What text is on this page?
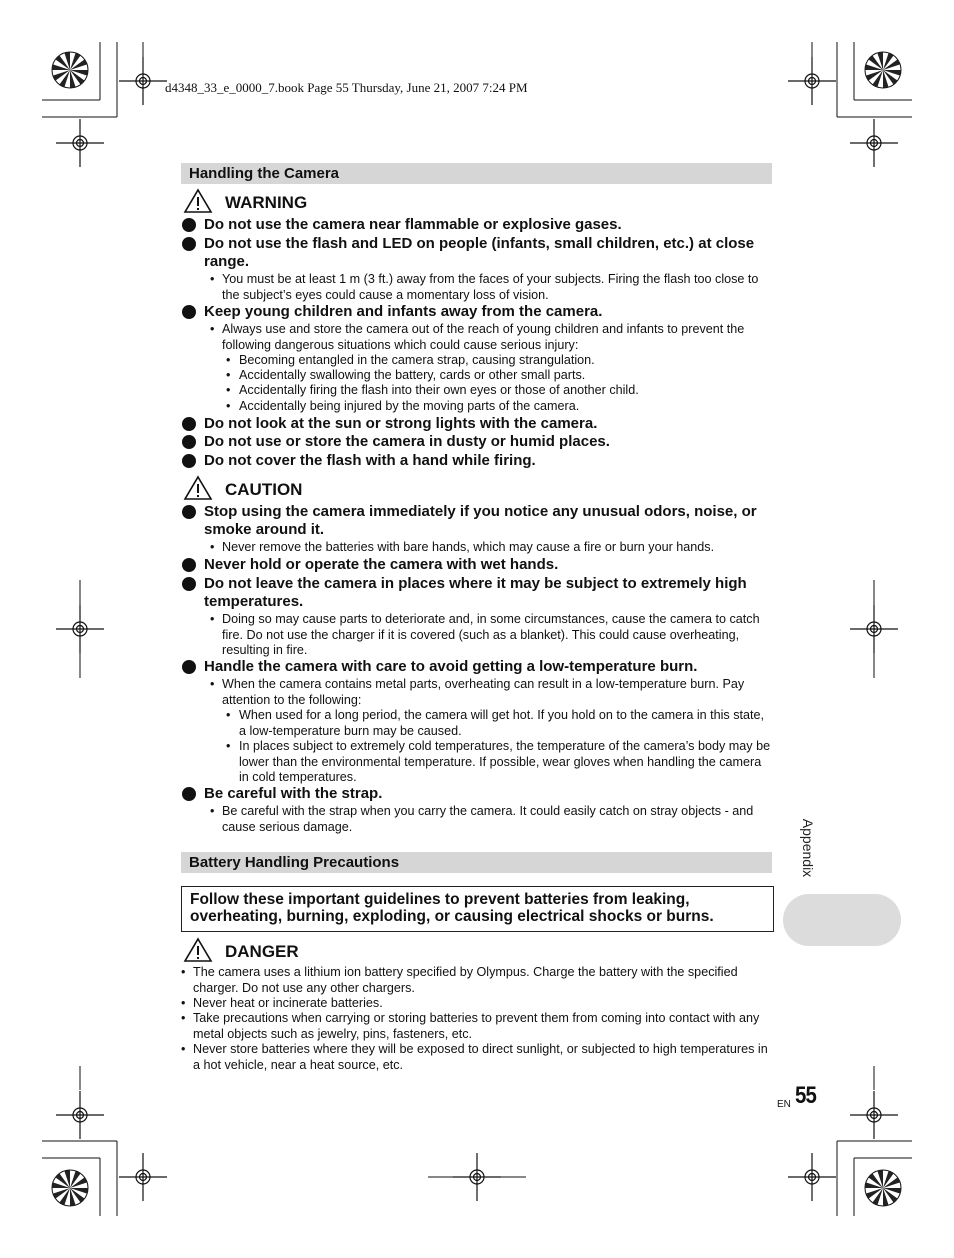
d4348_33_e_0000_7.book Page 55 Thursday, June 21, 2007 7:24 PM
Handling the Camera
WARNING
Do not use the camera near flammable or explosive gases.
Do not use the flash and LED on people (infants, small children, etc.) at close range.
• You must be at least 1 m (3 ft.) away from the faces of your subjects. Firing the flash too close to the subject’s eyes could cause a momentary loss of vision.
Keep young children and infants away from the camera.
• Always use and store the camera out of the reach of young children and infants to prevent the following dangerous situations which could cause serious injury:
• Becoming entangled in the camera strap, causing strangulation.
• Accidentally swallowing the battery, cards or other small parts.
• Accidentally firing the flash into their own eyes or those of another child.
• Accidentally being injured by the moving parts of the camera.
Do not look at the sun or strong lights with the camera.
Do not use or store the camera in dusty or humid places.
Do not cover the flash with a hand while firing.
CAUTION
Stop using the camera immediately if you notice any unusual odors, noise, or smoke around it.
• Never remove the batteries with bare hands, which may cause a fire or burn your hands.
Never hold or operate the camera with wet hands.
Do not leave the camera in places where it may be subject to extremely high temperatures.
• Doing so may cause parts to deteriorate and, in some circumstances, cause the camera to catch fire. Do not use the charger if it is covered (such as a blanket). This could cause overheating, resulting in fire.
Handle the camera with care to avoid getting a low-temperature burn.
• When the camera contains metal parts, overheating can result in a low-temperature burn. Pay attention to the following:
• When used for a long period, the camera will get hot. If you hold on to the camera in this state, a low-temperature burn may be caused.
• In places subject to extremely cold temperatures, the temperature of the camera’s body may be lower than the environmental temperature. If possible, wear gloves when handling the camera in cold temperatures.
Be careful with the strap.
• Be careful with the strap when you carry the camera. It could easily catch on stray objects - and cause serious damage.
Battery Handling Precautions
Follow these important guidelines to prevent batteries from leaking, overheating, burning, exploding, or causing electrical shocks or burns.
DANGER
• The camera uses a lithium ion battery specified by Olympus. Charge the battery with the specified charger. Do not use any other chargers.
• Never heat or incinerate batteries.
• Take precautions when carrying or storing batteries to prevent them from coming into contact with any metal objects such as jewelry, pins, fasteners, etc.
• Never store batteries where they will be exposed to direct sunlight, or subjected to high temperatures in a hot vehicle, near a heat source, etc.
Appendix
EN 55
